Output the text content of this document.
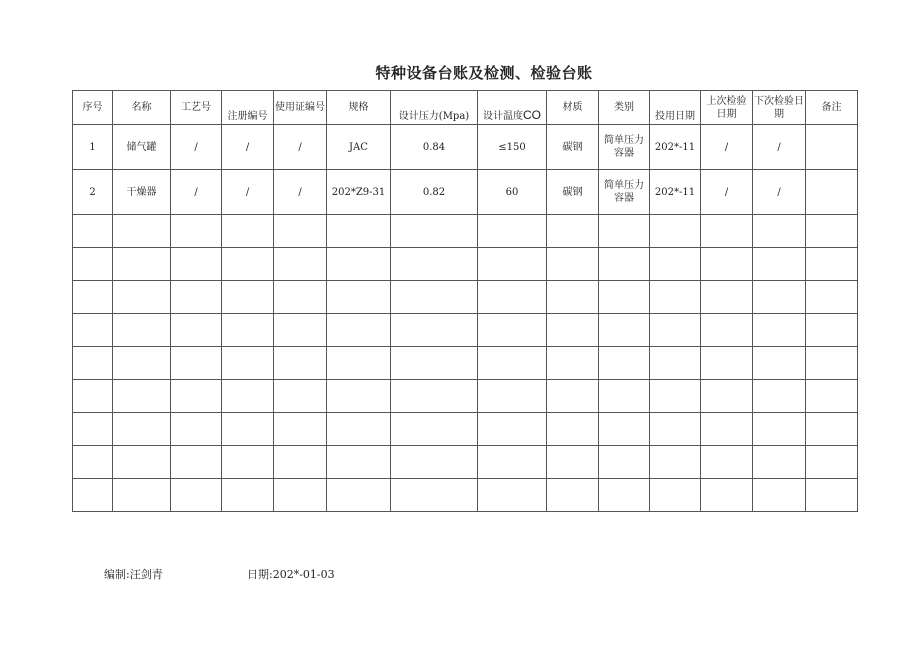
特种设备台账及检测、检验台账
序号	名称	工艺号	注册编号	使用证编号	规格	设计压力(Mpa)	设计温度CO	材质	类别	投用日期	上次检验日期	下次检验日期	备注
1	储气罐	/	/	/	JAC	0.84	≤150	碳钢	简单压力容器	202*-11	/	/	
2	干燥器	/	/	/	202*Z9-31	0.82	60	碳钢	简单压力容器	202*-11	/	/	

编制:汪剑青	日期:202*-01-03
